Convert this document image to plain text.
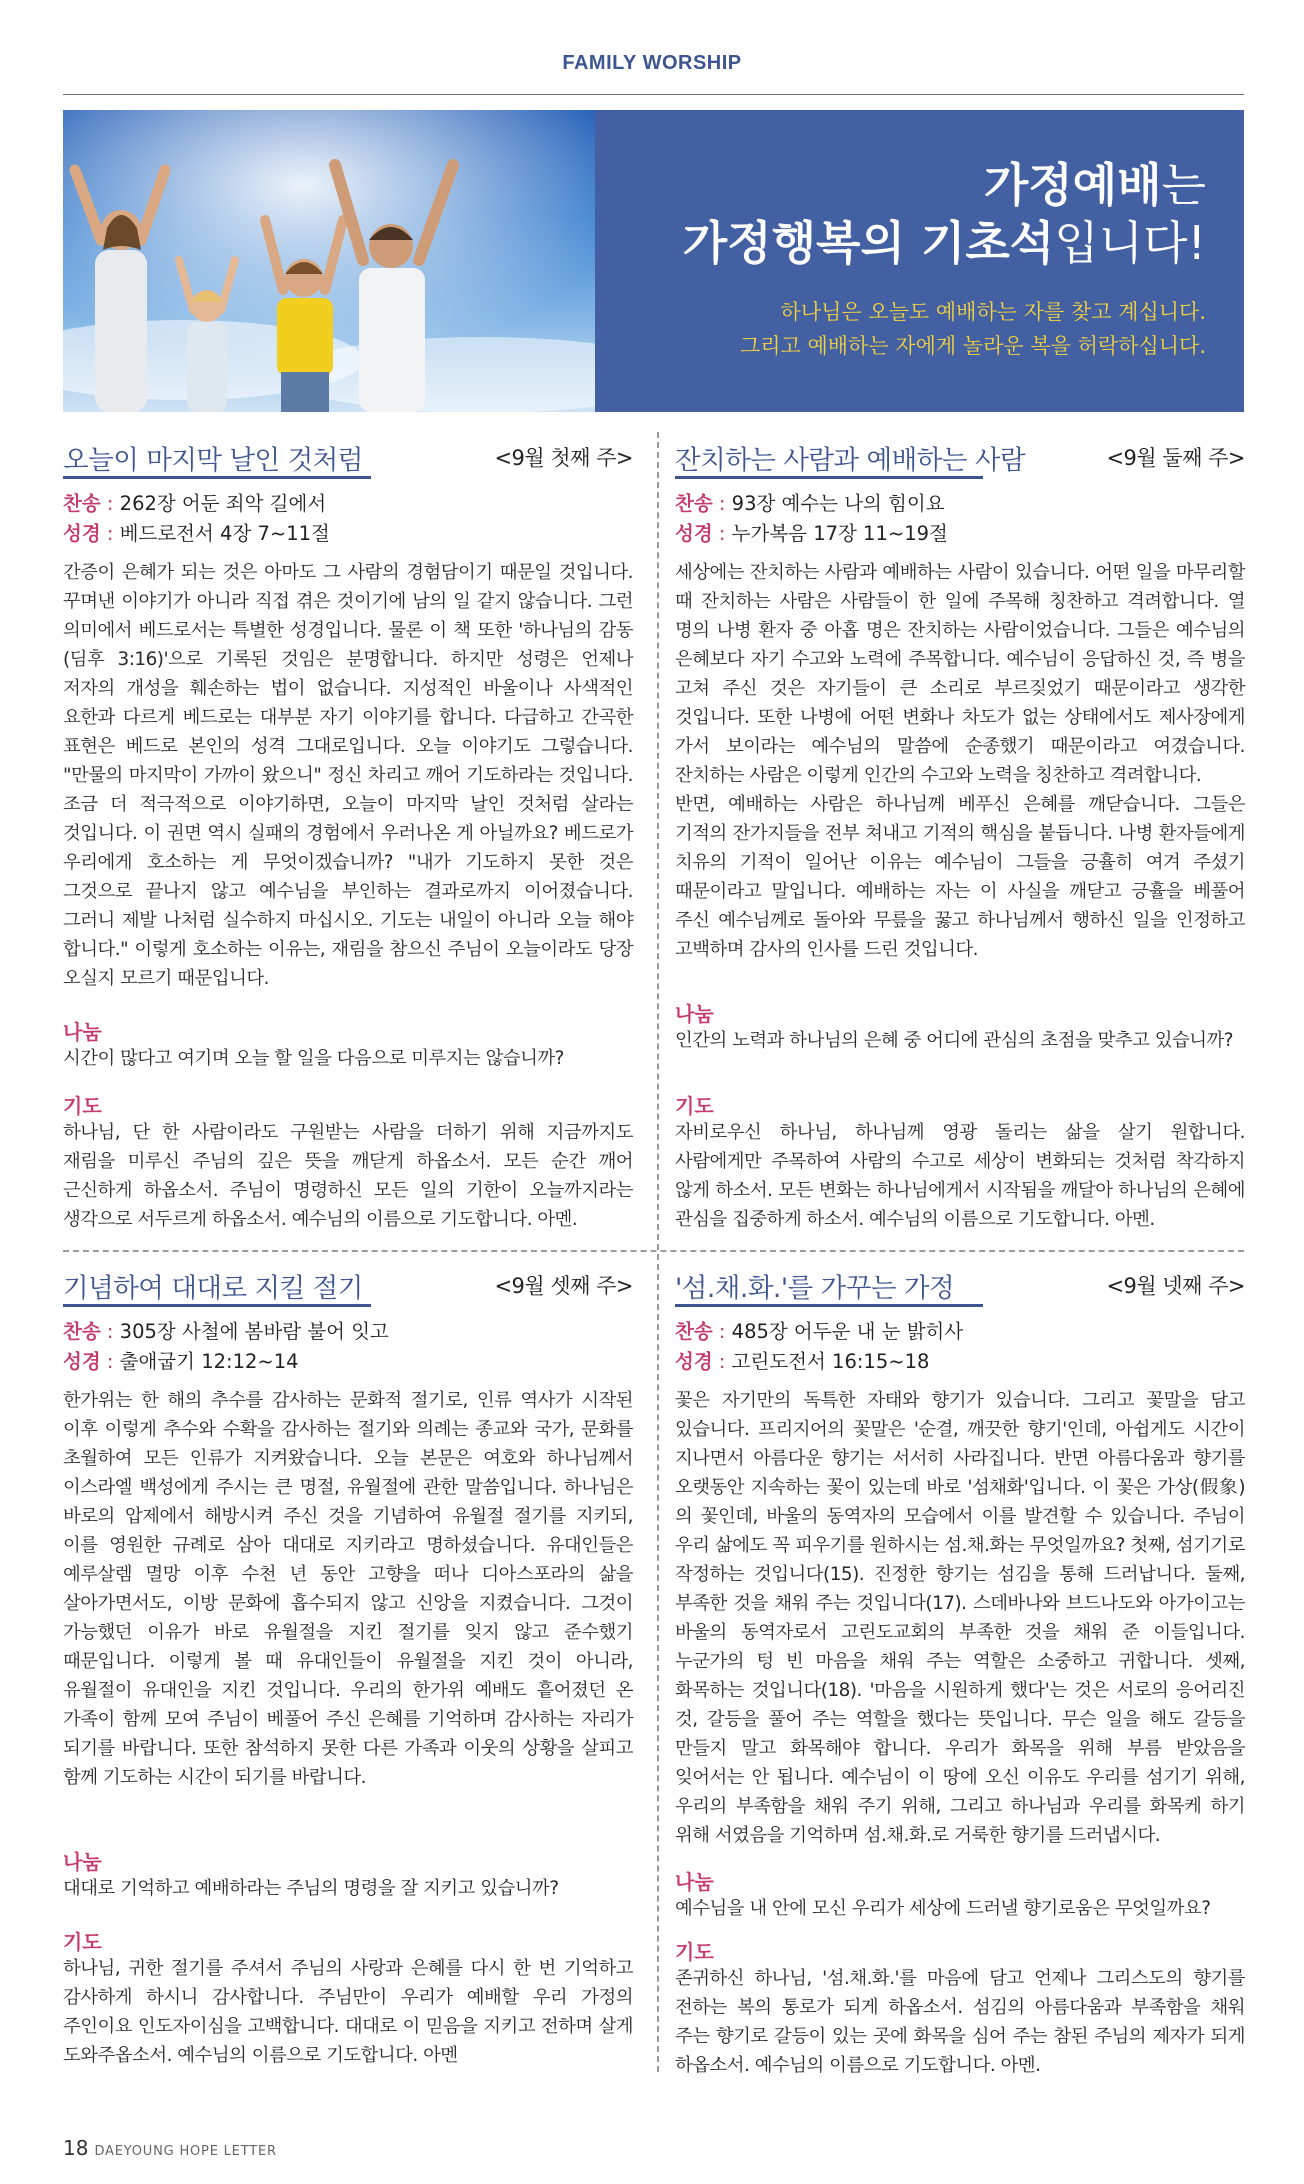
FAMILY WORSHIP
가정예배는
가정행복의 기초석입니다!
하나님은 오늘도 예배하는 자를 찾고 계십니다.
그리고 예배하는 자에게 놀라운 복을 허락하십니다.
오늘이 마지막 날인 것처럼	<9월 첫째 주>
찬송 : 262장 어둔 죄악 길에서
성경 : 베드로전서 4장 7~11절
간증이 은혜가 되는 것은 아마도 그 사람의 경험담이기 때문일 것입니다. 꾸며낸 이야기가 아니라 직접 겪은 것이기에 남의 일 같지 않습니다. 그런 의미에서 베드로서는 특별한 성경입니다. 물론 이 책 또한 '하나님의 감동(딤후 3:16)'으로 기록된 것임은 분명합니다. 하지만 성령은 언제나 저자의 개성을 훼손하는 법이 없습니다. 지성적인 바울이나 사색적인 요한과 다르게 베드로는 대부분 자기 이야기를 합니다. 다급하고 간곡한 표현은 베드로 본인의 성격 그대로입니다. 오늘 이야기도 그렇습니다. "만물의 마지막이 가까이 왔으니" 정신 차리고 깨어 기도하라는 것입니다. 조금 더 적극적으로 이야기하면, 오늘이 마지막 날인 것처럼 살라는 것입니다. 이 권면 역시 실패의 경험에서 우러나온 게 아닐까요? 베드로가 우리에게 호소하는 게 무엇이겠습니까? "내가 기도하지 못한 것은 그것으로 끝나지 않고 예수님을 부인하는 결과로까지 이어졌습니다. 그러니 제발 나처럼 실수하지 마십시오. 기도는 내일이 아니라 오늘 해야 합니다." 이렇게 호소하는 이유는, 재림을 참으신 주님이 오늘이라도 당장 오실지 모르기 때문입니다.
나눔
시간이 많다고 여기며 오늘 할 일을 다음으로 미루지는 않습니까?
기도
하나님, 단 한 사람이라도 구원받는 사람을 더하기 위해 지금까지도 재림을 미루신 주님의 깊은 뜻을 깨닫게 하옵소서. 모든 순간 깨어 근신하게 하옵소서. 주님이 명령하신 모든 일의 기한이 오늘까지라는 생각으로 서두르게 하옵소서. 예수님의 이름으로 기도합니다. 아멘.
잔치하는 사람과 예배하는 사람	<9월 둘째 주>
찬송 : 93장 예수는 나의 힘이요
성경 : 누가복음 17장 11~19절
세상에는 잔치하는 사람과 예배하는 사람이 있습니다. 어떤 일을 마무리할 때 잔치하는 사람은 사람들이 한 일에 주목해 칭찬하고 격려합니다. 열 명의 나병 환자 중 아홉 명은 잔치하는 사람이었습니다. 그들은 예수님의 은혜보다 자기 수고와 노력에 주목합니다. 예수님이 응답하신 것, 즉 병을 고쳐 주신 것은 자기들이 큰 소리로 부르짖었기 때문이라고 생각한 것입니다. 또한 나병에 어떤 변화나 차도가 없는 상태에서도 제사장에게 가서 보이라는 예수님의 말씀에 순종했기 때문이라고 여겼습니다. 잔치하는 사람은 이렇게 인간의 수고와 노력을 칭찬하고 격려합니다.
반면, 예배하는 사람은 하나님께 베푸신 은혜를 깨닫습니다. 그들은 기적의 잔가지들을 전부 쳐내고 기적의 핵심을 붙듭니다. 나병 환자들에게 치유의 기적이 일어난 이유는 예수님이 그들을 긍휼히 여겨 주셨기 때문이라고 말입니다. 예배하는 자는 이 사실을 깨닫고 긍휼을 베풀어 주신 예수님께로 돌아와 무릎을 꿇고 하나님께서 행하신 일을 인정하고 고백하며 감사의 인사를 드린 것입니다.
나눔
인간의 노력과 하나님의 은혜 중 어디에 관심의 초점을 맞추고 있습니까?
기도
자비로우신 하나님, 하나님께 영광 돌리는 삶을 살기 원합니다. 사람에게만 주목하여 사람의 수고로 세상이 변화되는 것처럼 착각하지 않게 하소서. 모든 변화는 하나님에게서 시작됨을 깨달아 하나님의 은혜에 관심을 집중하게 하소서. 예수님의 이름으로 기도합니다. 아멘.
기념하여 대대로 지킬 절기	<9월 셋째 주>
찬송 : 305장 사철에 봄바람 불어 잇고
성경 : 출애굽기 12:12~14
한가위는 한 해의 추수를 감사하는 문화적 절기로, 인류 역사가 시작된 이후 이렇게 추수와 수확을 감사하는 절기와 의례는 종교와 국가, 문화를 초월하여 모든 인류가 지켜왔습니다. 오늘 본문은 여호와 하나님께서 이스라엘 백성에게 주시는 큰 명절, 유월절에 관한 말씀입니다. 하나님은 바로의 압제에서 해방시켜 주신 것을 기념하여 유월절 절기를 지키되, 이를 영원한 규례로 삼아 대대로 지키라고 명하셨습니다. 유대인들은 예루살렘 멸망 이후 수천 년 동안 고향을 떠나 디아스포라의 삶을 살아가면서도, 이방 문화에 흡수되지 않고 신앙을 지켰습니다. 그것이 가능했던 이유가 바로 유월절을 지킨 절기를 잊지 않고 준수했기 때문입니다. 이렇게 볼 때 유대인들이 유월절을 지킨 것이 아니라, 유월절이 유대인을 지킨 것입니다. 우리의 한가위 예배도 흩어졌던 온 가족이 함께 모여 주님이 베풀어 주신 은혜를 기억하며 감사하는 자리가 되기를 바랍니다. 또한 참석하지 못한 다른 가족과 이웃의 상황을 살피고 함께 기도하는 시간이 되기를 바랍니다.
나눔
대대로 기억하고 예배하라는 주님의 명령을 잘 지키고 있습니까?
기도
하나님, 귀한 절기를 주셔서 주님의 사랑과 은혜를 다시 한 번 기억하고 감사하게 하시니 감사합니다. 주님만이 우리가 예배할 우리 가정의 주인이요 인도자이심을 고백합니다. 대대로 이 믿음을 지키고 전하며 살게 도와주옵소서. 예수님의 이름으로 기도합니다. 아멘
'섬.채.화.'를 가꾸는 가정	<9월 넷째 주>
찬송 : 485장 어두운 내 눈 밝히사
성경 : 고린도전서 16:15~18
꽃은 자기만의 독특한 자태와 향기가 있습니다. 그리고 꽃말을 담고 있습니다. 프리지어의 꽃말은 '순결, 깨끗한 향기'인데, 아쉽게도 시간이 지나면서 아름다운 향기는 서서히 사라집니다. 반면 아름다움과 향기를 오랫동안 지속하는 꽃이 있는데 바로 '섬채화'입니다. 이 꽃은 가상(假象)의 꽃인데, 바울의 동역자의 모습에서 이를 발견할 수 있습니다. 주님이 우리 삶에도 꼭 피우기를 원하시는 섬.채.화는 무엇일까요? 첫째, 섬기기로 작정하는 것입니다(15). 진정한 향기는 섬김을 통해 드러납니다. 둘째, 부족한 것을 채워 주는 것입니다(17). 스데바나와 브드나도와 아가이고는 바울의 동역자로서 고린도교회의 부족한 것을 채워 준 이들입니다. 누군가의 텅 빈 마음을 채워 주는 역할은 소중하고 귀합니다. 셋째, 화목하는 것입니다(18). '마음을 시원하게 했다'는 것은 서로의 응어리진 것, 갈등을 풀어 주는 역할을 했다는 뜻입니다. 무슨 일을 해도 갈등을 만들지 말고 화목해야 합니다. 우리가 화목을 위해 부름 받았음을 잊어서는 안 됩니다. 예수님이 이 땅에 오신 이유도 우리를 섬기기 위해, 우리의 부족함을 채워 주기 위해, 그리고 하나님과 우리를 화목케 하기 위해 서였음을 기억하며 섬.채.화.로 거룩한 향기를 드러냅시다.
나눔
예수님을 내 안에 모신 우리가 세상에 드러낼 향기로움은 무엇일까요?
기도
존귀하신 하나님, '섬.채.화.'를 마음에 담고 언제나 그리스도의 향기를 전하는 복의 통로가 되게 하옵소서. 섬김의 아름다움과 부족함을 채워 주는 향기로 갈등이 있는 곳에 화목을 심어 주는 참된 주님의 제자가 되게 하옵소서. 예수님의 이름으로 기도합니다. 아멘.
18 DAEYOUNG HOPE LETTER
